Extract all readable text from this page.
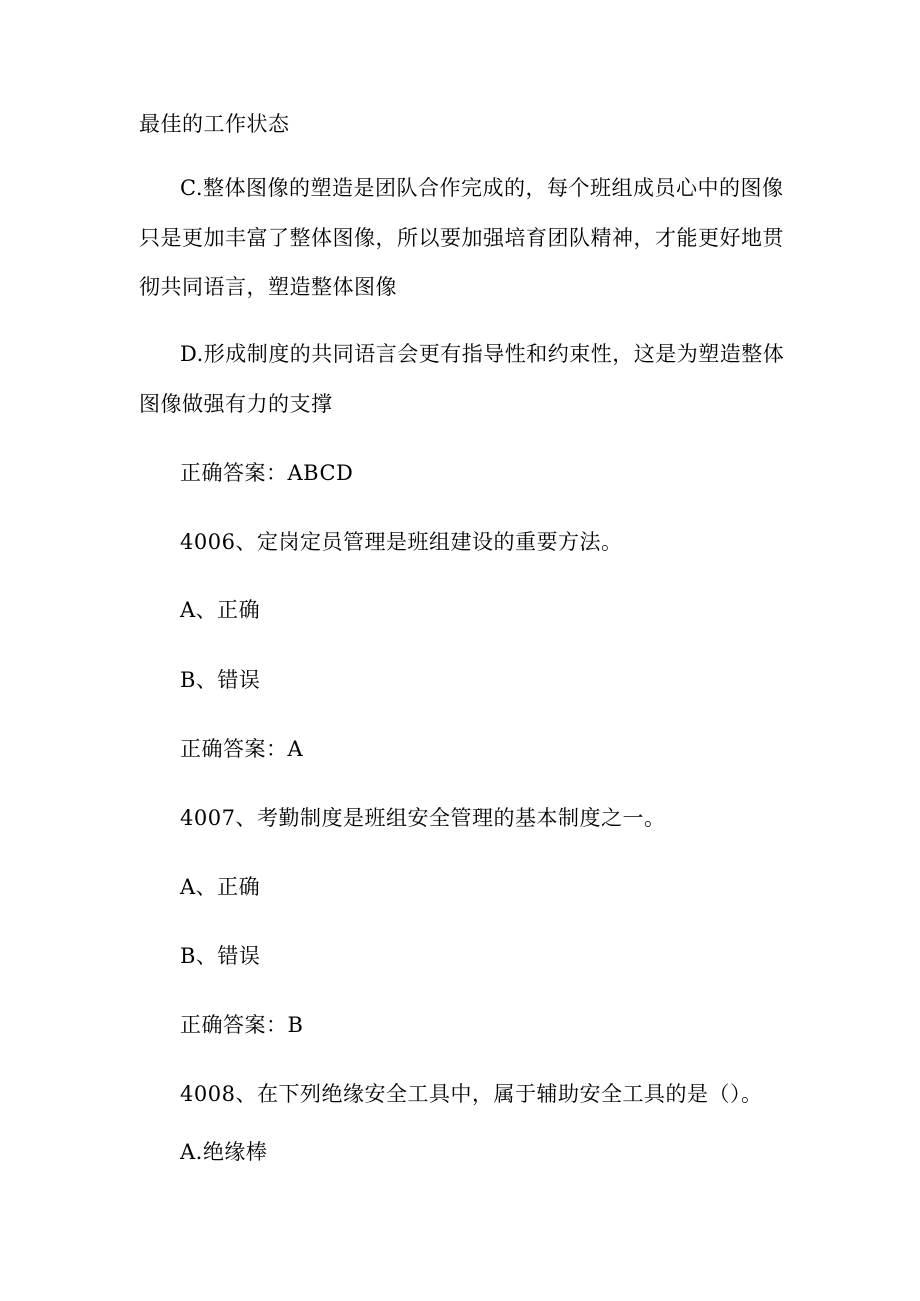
最佳的工作状态
C.整体图像的塑造是团队合作完成的，每个班组成员心中的图像
只是更加丰富了整体图像，所以要加强培育团队精神，才能更好地贯
彻共同语言，塑造整体图像
D.形成制度的共同语言会更有指导性和约束性，这是为塑造整体
图像做强有力的支撑
正确答案：ABCD
4006、定岗定员管理是班组建设的重要方法。
A、正确
B、错误
正确答案：A
4007、考勤制度是班组安全管理的基本制度之一。
A、正确
B、错误
正确答案：B
4008、在下列绝缘安全工具中，属于辅助安全工具的是（）。
A.绝缘棒
